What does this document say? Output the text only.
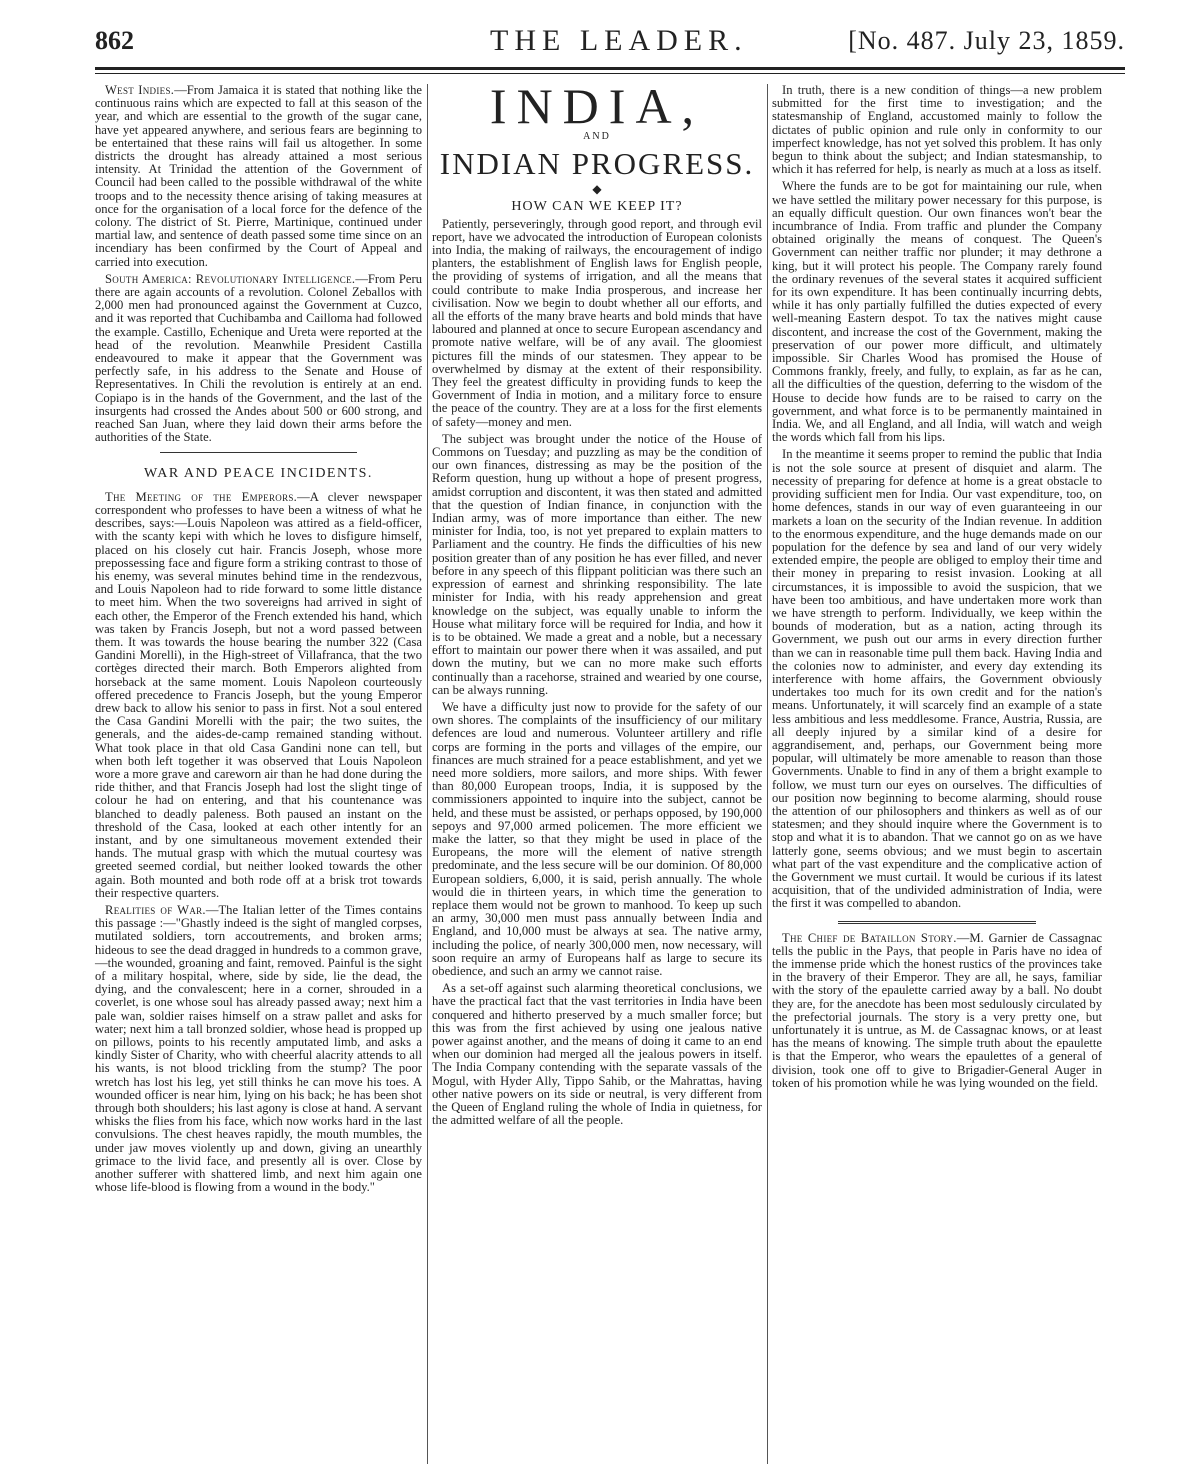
862	THE LEADER.	[No. 487. July 23, 1859.

West Indies.—From Jamaica it is stated that nothing like the continuous rains which are expected to fall at this season of the year, and which are essential to the growth of the sugar cane, have yet appeared anywhere, and serious fears are beginning to be entertained that these rains will fail us altogether. In some districts the drought has already attained a most serious intensity. At Trinidad the attention of the Government of Council had been called to the possible withdrawal of the white troops and to the necessity thence arising of taking measures at once for the organisation of a local force for the defence of the colony. The district of St. Pierre, Martinique, continued under martial law, and sentence of death passed some time since on an incendiary has been confirmed by the Court of Appeal and carried into execution.

South America: Revolutionary Intelligence.—From Peru there are again accounts of a revolution. Colonel Zeballos with 2,000 men had pronounced against the Government at Cuzco, and it was reported that Cuchibamba and Cailloma had followed the example. Castillo, Echenique and Ureta were reported at the head of the revolution. Meanwhile President Castilla endeavoured to make it appear that the Government was perfectly safe, in his address to the Senate and House of Representatives. In Chili the revolution is entirely at an end. Copiapo is in the hands of the Government, and the last of the insurgents had crossed the Andes about 500 or 600 strong, and reached San Juan, where they laid down their arms before the authorities of the State.

WAR AND PEACE INCIDENTS.

The Meeting of the Emperors.—A clever newspaper correspondent who professes to have been a witness of what he describes, says:—Louis Napoleon was attired as a field-officer, with the scanty kepi with which he loves to disfigure himself, placed on his closely cut hair. Francis Joseph, whose more prepossessing face and figure form a striking contrast to those of his enemy, was several minutes behind time in the rendezvous, and Louis Napoleon had to ride forward to some little distance to meet him. When the two sovereigns had arrived in sight of each other, the Emperor of the French extended his hand, which was taken by Francis Joseph, but not a word passed between them. It was towards the house bearing the number 322 (Casa Gandini Morelli), in the High-street of Villafranca, that the two cortèges directed their march. Both Emperors alighted from horseback at the same moment. Louis Napoleon courteously offered precedence to Francis Joseph, but the young Emperor drew back to allow his senior to pass in first. Not a soul entered the Casa Gandini Morelli with the pair; the two suites, the generals, and the aides-de-camp remained standing without. What took place in that old Casa Gandini none can tell, but when both left together it was observed that Louis Napoleon wore a more grave and careworn air than he had done during the ride thither, and that Francis Joseph had lost the slight tinge of colour he had on entering, and that his countenance was blanched to deadly paleness. Both paused an instant on the threshold of the Casa, looked at each other intently for an instant, and by one simultaneous movement extended their hands. The mutual grasp with which the mutual courtesy was greeted seemed cordial, but neither looked towards the other again. Both mounted and both rode off at a brisk trot towards their respective quarters.

Realities of War.—The Italian letter of the Times contains this passage :—"Ghastly indeed is the sight of mangled corpses, mutilated soldiers, torn accoutrements, and broken arms; hideous to see the dead dragged in hundreds to a common grave,—the wounded, groaning and faint, removed. Painful is the sight of a military hospital, where, side by side, lie the dead, the dying, and the convalescent; here in a corner, shrouded in a coverlet, is one whose soul has already passed away; next him a pale wan, soldier raises himself on a straw pallet and asks for water; next him a tall bronzed soldier, whose head is propped up on pillows, points to his recently amputated limb, and asks a kindly Sister of Charity, who with cheerful alacrity attends to all his wants, is not blood trickling from the stump? The poor wretch has lost his leg, yet still thinks he can move his toes. A wounded officer is near him, lying on his back; he has been shot through both shoulders; his last agony is close at hand. A servant whisks the flies from his face, which now works hard in the last convulsions. The chest heaves rapidly, the mouth mumbles, the under jaw moves violently up and down, giving an unearthly grimace to the livid face, and presently all is over. Close by another sufferer with shattered limb, and next him again one whose life-blood is flowing from a wound in the body."

INDIA,
AND
INDIAN PROGRESS.
◆
HOW CAN WE KEEP IT?

Patiently, perseveringly, through good report, and through evil report, have we advocated the introduction of European colonists into India, the making of railways, the encouragement of indigo planters, the establishment of English laws for English people, the providing of systems of irrigation, and all the means that could contribute to make India prosperous, and increase her civilisation. Now we begin to doubt whether all our efforts, and all the efforts of the many brave hearts and bold minds that have laboured and planned at once to secure European ascendancy and promote native welfare, will be of any avail. The gloomiest pictures fill the minds of our statesmen. They appear to be overwhelmed by dismay at the extent of their responsibility. They feel the greatest difficulty in providing funds to keep the Government of India in motion, and a military force to ensure the peace of the country. They are at a loss for the first elements of safety—money and men.

The subject was brought under the notice of the House of Commons on Tuesday; and puzzling as may be the condition of our own finances, distressing as may be the position of the Reform question, hung up without a hope of present progress, amidst corruption and discontent, it was then stated and admitted that the question of Indian finance, in conjunction with the Indian army, was of more importance than either. The new minister for India, too, is not yet prepared to explain matters to Parliament and the country. He finds the difficulties of his new position greater than of any position he has ever filled, and never before in any speech of this flippant politician was there such an expression of earnest and shrinking responsibility. The late minister for India, with his ready apprehension and great knowledge on the subject, was equally unable to inform the House what military force will be required for India, and how it is to be obtained. We made a great and a noble, but a necessary effort to maintain our power there when it was assailed, and put down the mutiny, but we can no more make such efforts continually than a racehorse, strained and wearied by one course, can be always running.

We have a difficulty just now to provide for the safety of our own shores. The complaints of the insufficiency of our military defences are loud and numerous. Volunteer artillery and rifle corps are forming in the ports and villages of the empire, our finances are much strained for a peace establishment, and yet we need more soldiers, more sailors, and more ships. With fewer than 80,000 European troops, India, it is supposed by the commissioners appointed to inquire into the subject, cannot be held, and these must be assisted, or perhaps opposed, by 190,000 sepoys and 97,000 armed policemen. The more efficient we make the latter, so that they might be used in place of the Europeans, the more will the element of native strength predominate, and the less secure will be our dominion. Of 80,000 European soldiers, 6,000, it is said, perish annually. The whole would die in thirteen years, in which time the generation to replace them would not be grown to manhood. To keep up such an army, 30,000 men must pass annually between India and England, and 10,000 must be always at sea. The native army, including the police, of nearly 300,000 men, now necessary, will soon require an army of Europeans half as large to secure its obedience, and such an army we cannot raise.

As a set-off against such alarming theoretical conclusions, we have the practical fact that the vast territories in India have been conquered and hitherto preserved by a much smaller force; but this was from the first achieved by using one jealous native power against another, and the means of doing it came to an end when our dominion had merged all the jealous powers in itself. The India Company contending with the separate vassals of the Mogul, with Hyder Ally, Tippo Sahib, or the Mahrattas, having other native powers on its side or neutral, is very different from the Queen of England ruling the whole of India in quietness, for the admitted welfare of all the people.

In truth, there is a new condition of things—a new problem submitted for the first time to investigation; and the statesmanship of England, accustomed mainly to follow the dictates of public opinion and rule only in conformity to our imperfect knowledge, has not yet solved this problem. It has only begun to think about the subject; and Indian statesmanship, to which it has referred for help, is nearly as much at a loss as itself.

Where the funds are to be got for maintaining our rule, when we have settled the military power necessary for this purpose, is an equally difficult question. Our own finances won't bear the incumbrance of India. From traffic and plunder the Company obtained originally the means of conquest. The Queen's Government can neither traffic nor plunder; it may dethrone a king, but it will protect his people. The Company rarely found the ordinary revenues of the several states it acquired sufficient for its own expenditure. It has been continually incurring debts, while it has only partially fulfilled the duties expected of every well-meaning Eastern despot. To tax the natives might cause discontent, and increase the cost of the Government, making the preservation of our power more difficult, and ultimately impossible. Sir Charles Wood has promised the House of Commons frankly, freely, and fully, to explain, as far as he can, all the difficulties of the question, deferring to the wisdom of the House to decide how funds are to be raised to carry on the government, and what force is to be permanently maintained in India. We, and all England, and all India, will watch and weigh the words which fall from his lips.

In the meantime it seems proper to remind the public that India is not the sole source at present of disquiet and alarm. The necessity of preparing for defence at home is a great obstacle to providing sufficient men for India. Our vast expenditure, too, on home defences, stands in our way of even guaranteeing in our markets a loan on the security of the Indian revenue. In addition to the enormous expenditure, and the huge demands made on our population for the defence by sea and land of our very widely extended empire, the people are obliged to employ their time and their money in preparing to resist invasion. Looking at all circumstances, it is impossible to avoid the suspicion, that we have been too ambitious, and have undertaken more work than we have strength to perform. Individually, we keep within the bounds of moderation, but as a nation, acting through its Government, we push out our arms in every direction further than we can in reasonable time pull them back. Having India and the colonies now to administer, and every day extending its interference with home affairs, the Government obviously undertakes too much for its own credit and for the nation's means. Unfortunately, it will scarcely find an example of a state less ambitious and less meddlesome. France, Austria, Russia, are all deeply injured by a similar kind of a desire for aggrandisement, and, perhaps, our Government being more popular, will ultimately be more amenable to reason than those Governments. Unable to find in any of them a bright example to follow, we must turn our eyes on ourselves. The difficulties of our position now beginning to become alarming, should rouse the attention of our philosophers and thinkers as well as of our statesmen; and they should inquire where the Government is to stop and what it is to abandon. That we cannot go on as we have latterly gone, seems obvious; and we must begin to ascertain what part of the vast expenditure and the complicative action of the Government we must curtail. It would be curious if its latest acquisition, that of the undivided administration of India, were the first it was compelled to abandon.

The Chief de Bataillon Story.—M. Garnier de Cassagnac tells the public in the Pays, that people in Paris have no idea of the immense pride which the honest rustics of the provinces take in the bravery of their Emperor. They are all, he says, familiar with the story of the epaulette carried away by a ball. No doubt they are, for the anecdote has been most sedulously circulated by the prefectorial journals. The story is a very pretty one, but unfortunately it is untrue, as M. de Cassagnac knows, or at least has the means of knowing. The simple truth about the epaulette is that the Emperor, who wears the epaulettes of a general of division, took one off to give to Brigadier-General Auger in token of his promotion while he was lying wounded on the field.
